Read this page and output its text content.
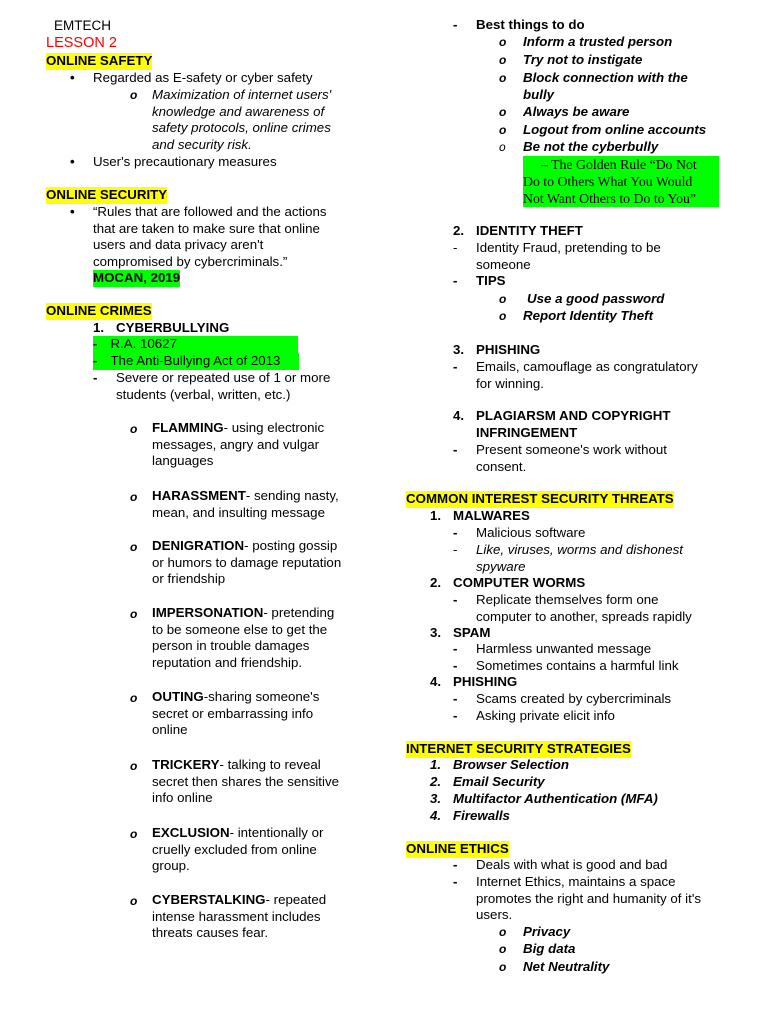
EMTECH
LESSON 2
ONLINE SAFETY
• Regarded as E-safety or cyber safety
o Maximization of internet users'
knowledge and awareness of
safety protocols, online crimes
and security risk.
• User's precautionary measures
ONLINE SECURITY
• “Rules that are followed and the actions
that are taken to make sure that online
users and data privacy aren't
compromised by cybercriminals.”
MOCAN, 2019
ONLINE CRIMES
1. CYBERBULLYING
- R.A. 10627
- The Anti-Bullying Act of 2013
- Severe or repeated use of 1 or more
students (verbal, written, etc.)
o FLAMMING- using electronic
messages, angry and vulgar
languages
o HARASSMENT- sending nasty,
mean, and insulting message
o DENIGRATION- posting gossip
or humors to damage reputation
or friendship
o IMPERSONATION- pretending
to be someone else to get the
person in trouble damages
reputation and friendship.
o OUTING-sharing someone's
secret or embarrassing info
online
o TRICKERY- talking to reveal
secret then shares the sensitive
info online
o EXCLUSION- intentionally or
cruelly excluded from online
group.
o CYBERSTALKING- repeated
intense harassment includes
threats causes fear.
- Best things to do
o Inform a trusted person
o Try not to instigate
o Block connection with the
bully
o Always be aware
o Logout from online accounts
o Be not the cyberbully
– The Golden Rule “Do Not
Do to Others What You Would
Not Want Others to Do to You”
2. IDENTITY THEFT
- Identity Fraud, pretending to be
someone
- TIPS
o Use a good password
o Report Identity Theft
3. PHISHING
- Emails, camouflage as congratulatory
for winning.
4. PLAGIARSM AND COPYRIGHT
INFRINGEMENT
- Present someone's work without
consent.
COMMON INTEREST SECURITY THREATS
1. MALWARES
- Malicious software
- Like, viruses, worms and dishonest
spyware
2. COMPUTER WORMS
- Replicate themselves form one
computer to another, spreads rapidly
3. SPAM
- Harmless unwanted message
- Sometimes contains a harmful link
4. PHISHING
- Scams created by cybercriminals
- Asking private elicit info
INTERNET SECURITY STRATEGIES
1. Browser Selection
2. Email Security
3. Multifactor Authentication (MFA)
4. Firewalls
ONLINE ETHICS
- Deals with what is good and bad
- Internet Ethics, maintains a space
promotes the right and humanity of it's
users.
o Privacy
o Big data
o Net Neutrality
